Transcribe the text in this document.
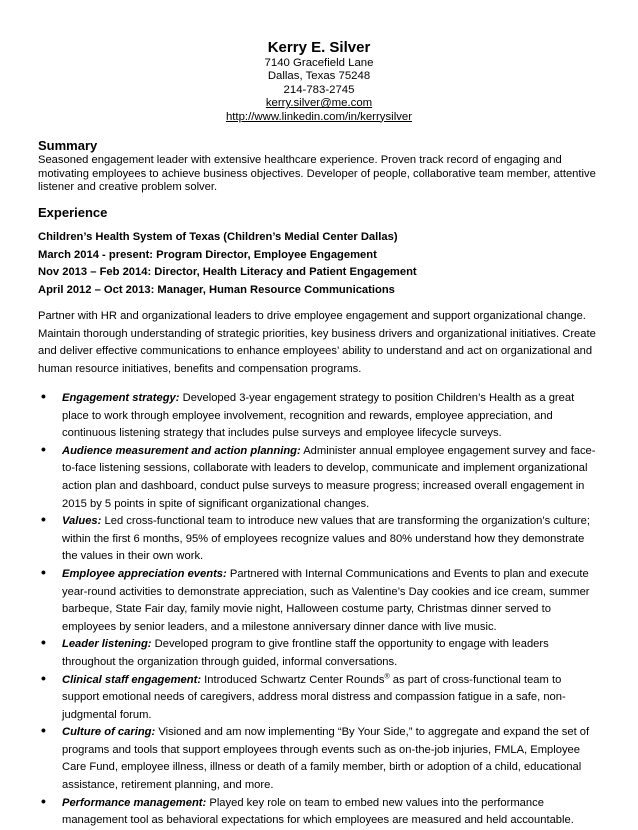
Kerry E. Silver
7140 Gracefield Lane
Dallas, Texas 75248
214-783-2745
kerry.silver@me.com
http://www.linkedin.com/in/kerrysilver
Summary
Seasoned engagement leader with extensive healthcare experience. Proven track record of engaging and motivating employees to achieve business objectives. Developer of people, collaborative team member, attentive listener and creative problem solver.
Experience
Children’s Health System of Texas (Children’s Medial Center Dallas)
March 2014 - present: Program Director, Employee Engagement
Nov 2013 – Feb 2014: Director, Health Literacy and Patient Engagement
April 2012 – Oct 2013: Manager, Human Resource Communications
Partner with HR and organizational leaders to drive employee engagement and support organizational change. Maintain thorough understanding of strategic priorities, key business drivers and organizational initiatives. Create and deliver effective communications to enhance employees’ ability to understand and act on organizational and human resource initiatives, benefits and compensation programs.
• Engagement strategy: Developed 3-year engagement strategy to position Children’s Health as a great place to work through employee involvement, recognition and rewards, employee appreciation, and continuous listening strategy that includes pulse surveys and employee lifecycle surveys.
• Audience measurement and action planning: Administer annual employee engagement survey and face-to-face listening sessions, collaborate with leaders to develop, communicate and implement organizational action plan and dashboard, conduct pulse surveys to measure progress; increased overall engagement in 2015 by 5 points in spite of significant organizational changes.
• Values: Led cross-functional team to introduce new values that are transforming the organization’s culture; within the first 6 months, 95% of employees recognize values and 80% understand how they demonstrate the values in their own work.
• Employee appreciation events: Partnered with Internal Communications and Events to plan and execute year-round activities to demonstrate appreciation, such as Valentine’s Day cookies and ice cream, summer barbeque, State Fair day, family movie night, Halloween costume party, Christmas dinner served to employees by senior leaders, and a milestone anniversary dinner dance with live music.
• Leader listening: Developed program to give frontline staff the opportunity to engage with leaders throughout the organization through guided, informal conversations.
• Clinical staff engagement: Introduced Schwartz Center Rounds® as part of cross-functional team to support emotional needs of caregivers, address moral distress and compassion fatigue in a safe, non-judgmental forum.
• Culture of caring: Visioned and am now implementing “By Your Side,” to aggregate and expand the set of programs and tools that support employees through events such as on-the-job injuries, FMLA, Employee Care Fund, employee illness, illness or death of a family member, birth or adoption of a child, educational assistance, retirement planning, and more.
• Performance management: Played key role on team to embed new values into the performance management tool as behavioral expectations for which employees are measured and held accountable.
